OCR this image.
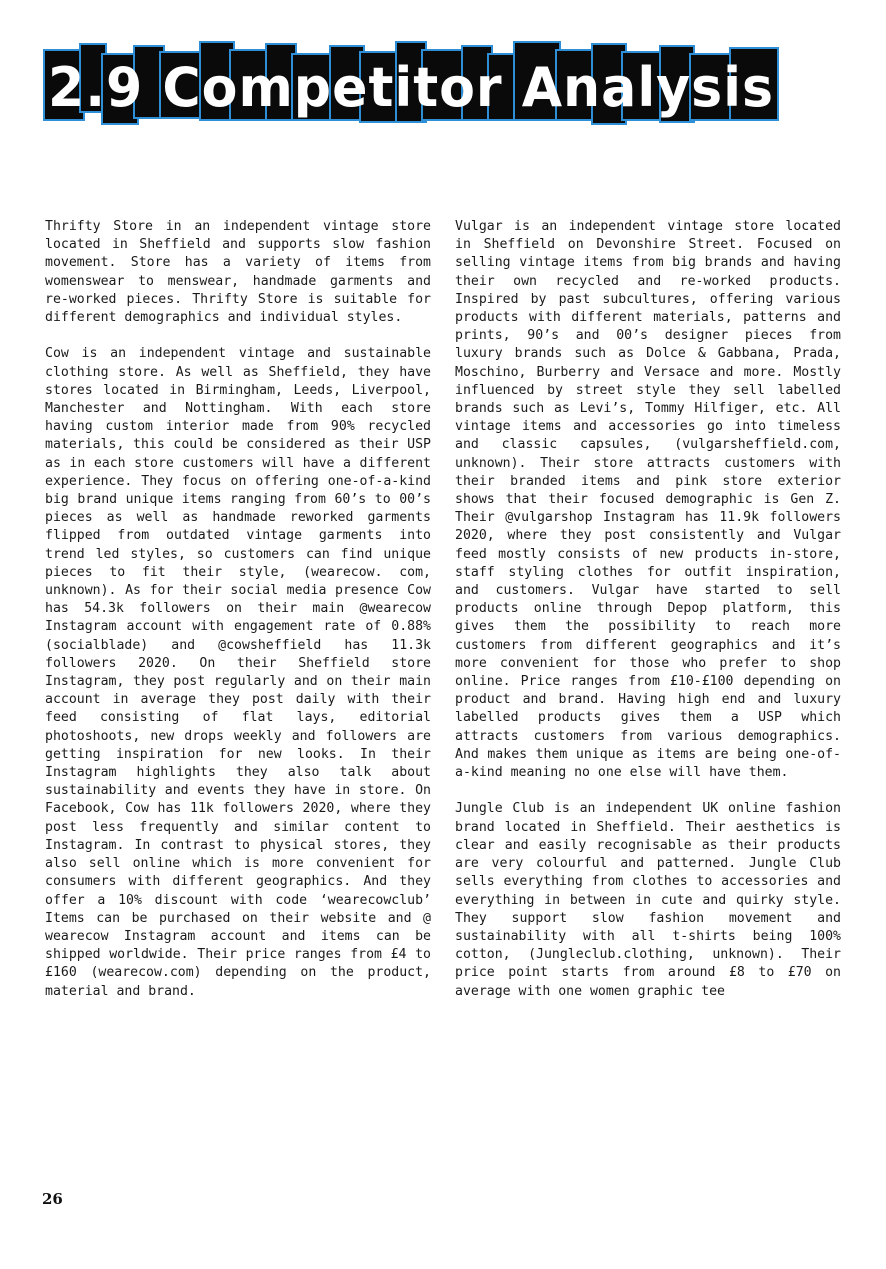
2.9 Competitor Analysis

Thrifty Store in an independent vintage store located in Sheffield and supports slow fashion movement. Store has a variety of items from womenswear to menswear, handmade garments and re-worked pieces. Thrifty Store is suitable for different demographics and individual styles.

Cow is an independent vintage and sustainable clothing store. As well as Sheffield, they have stores located in Birmingham, Leeds, Liverpool, Manchester and Nottingham. With each store having custom interior made from 90% recycled materials, this could be considered as their USP as in each store customers will have a different experience. They focus on offering one-of-a-kind big brand unique items ranging from 60’s to 00’s pieces as well as handmade reworked garments flipped from outdated vintage garments into trend led styles, so customers can find unique pieces to fit their style, (wearecow. com, unknown). As for their social media presence Cow has 54.3k followers on their main @wearecow Instagram account with engagement rate of 0.88% (socialblade) and @cowsheffield has 11.3k followers 2020. On their Sheffield store Instagram, they post regularly and on their main account in average they post daily with their feed consisting of flat lays, editorial photoshoots, new drops weekly and followers are getting inspiration for new looks. In their Instagram highlights they also talk about sustainability and events they have in store. On Facebook, Cow has 11k followers 2020, where they post less frequently and similar content to Instagram. In contrast to physical stores, they also sell online which is more convenient for consumers with different geographics. And they offer a 10% discount with code ‘wearecowclub’ Items can be purchased on their website and @ wearecow Instagram account and items can be shipped worldwide. Their price ranges from £4 to £160 (wearecow.com) depending on the product, material and brand.

Vulgar is an independent vintage store located in Sheffield on Devonshire Street. Focused on selling vintage items from big brands and having their own recycled and re-worked products. Inspired by past subcultures, offering various products with different materials, patterns and prints, 90’s and 00’s designer pieces from luxury brands such as Dolce & Gabbana, Prada, Moschino, Burberry and Versace and more. Mostly influenced by street style they sell labelled brands such as Levi’s, Tommy Hilfiger, etc. All vintage items and accessories go into timeless and classic capsules, (vulgarsheffield.com, unknown). Their store attracts customers with their branded items and pink store exterior shows that their focused demographic is Gen Z. Their @vulgarshop Instagram has 11.9k followers 2020, where they post consistently and Vulgar feed mostly consists of new products in-store, staff styling clothes for outfit inspiration, and customers. Vulgar have started to sell products online through Depop platform, this gives them the possibility to reach more customers from different geographics and it’s more convenient for those who prefer to shop online. Price ranges from £10-£100 depending on product and brand. Having high end and luxury labelled products gives them a USP which attracts customers from various demographics. And makes them unique as items are being one-of-a-kind meaning no one else will have them.

Jungle Club is an independent UK online fashion brand located in Sheffield. Their aesthetics is clear and easily recognisable as their products are very colourful and patterned. Jungle Club sells everything from clothes to accessories and everything in between in cute and quirky style. They support slow fashion movement and sustainability with all t-shirts being 100% cotton, (Jungleclub.clothing, unknown). Their price point starts from around £8 to £70 on average with one women graphic tee

26
